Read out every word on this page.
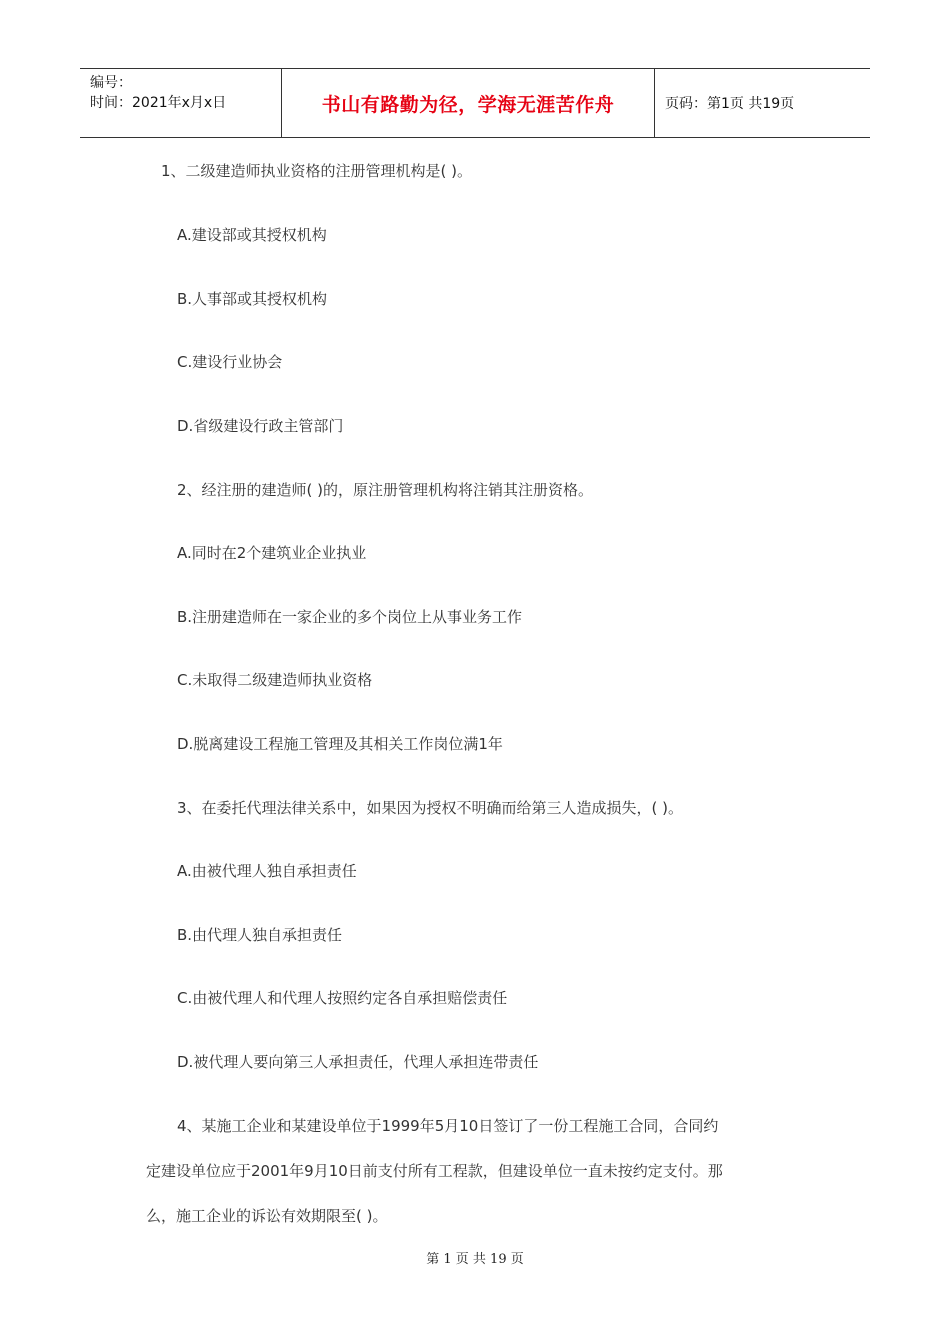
编号：
时间：2021年x月x日	书山有路勤为径，学海无涯苦作舟	页码：第1页 共19页
1、二级建造师执业资格的注册管理机构是( )。
A.建设部或其授权机构
B.人事部或其授权机构
C.建设行业协会
D.省级建设行政主管部门
2、经注册的建造师( )的，原注册管理机构将注销其注册资格。
A.同时在2个建筑业企业执业
B.注册建造师在一家企业的多个岗位上从事业务工作
C.未取得二级建造师执业资格
D.脱离建设工程施工管理及其相关工作岗位满1年
3、在委托代理法律关系中，如果因为授权不明确而给第三人造成损失，( )。
A.由被代理人独自承担责任
B.由代理人独自承担责任
C.由被代理人和代理人按照约定各自承担赔偿责任
D.被代理人要向第三人承担责任，代理人承担连带责任
4、某施工企业和某建设单位于1999年5月10日签订了一份工程施工合同，合同约
定建设单位应于2001年9月10日前支付所有工程款，但建设单位一直未按约定支付。那
么，施工企业的诉讼有效期限至( )。
第 1 页 共 19 页
